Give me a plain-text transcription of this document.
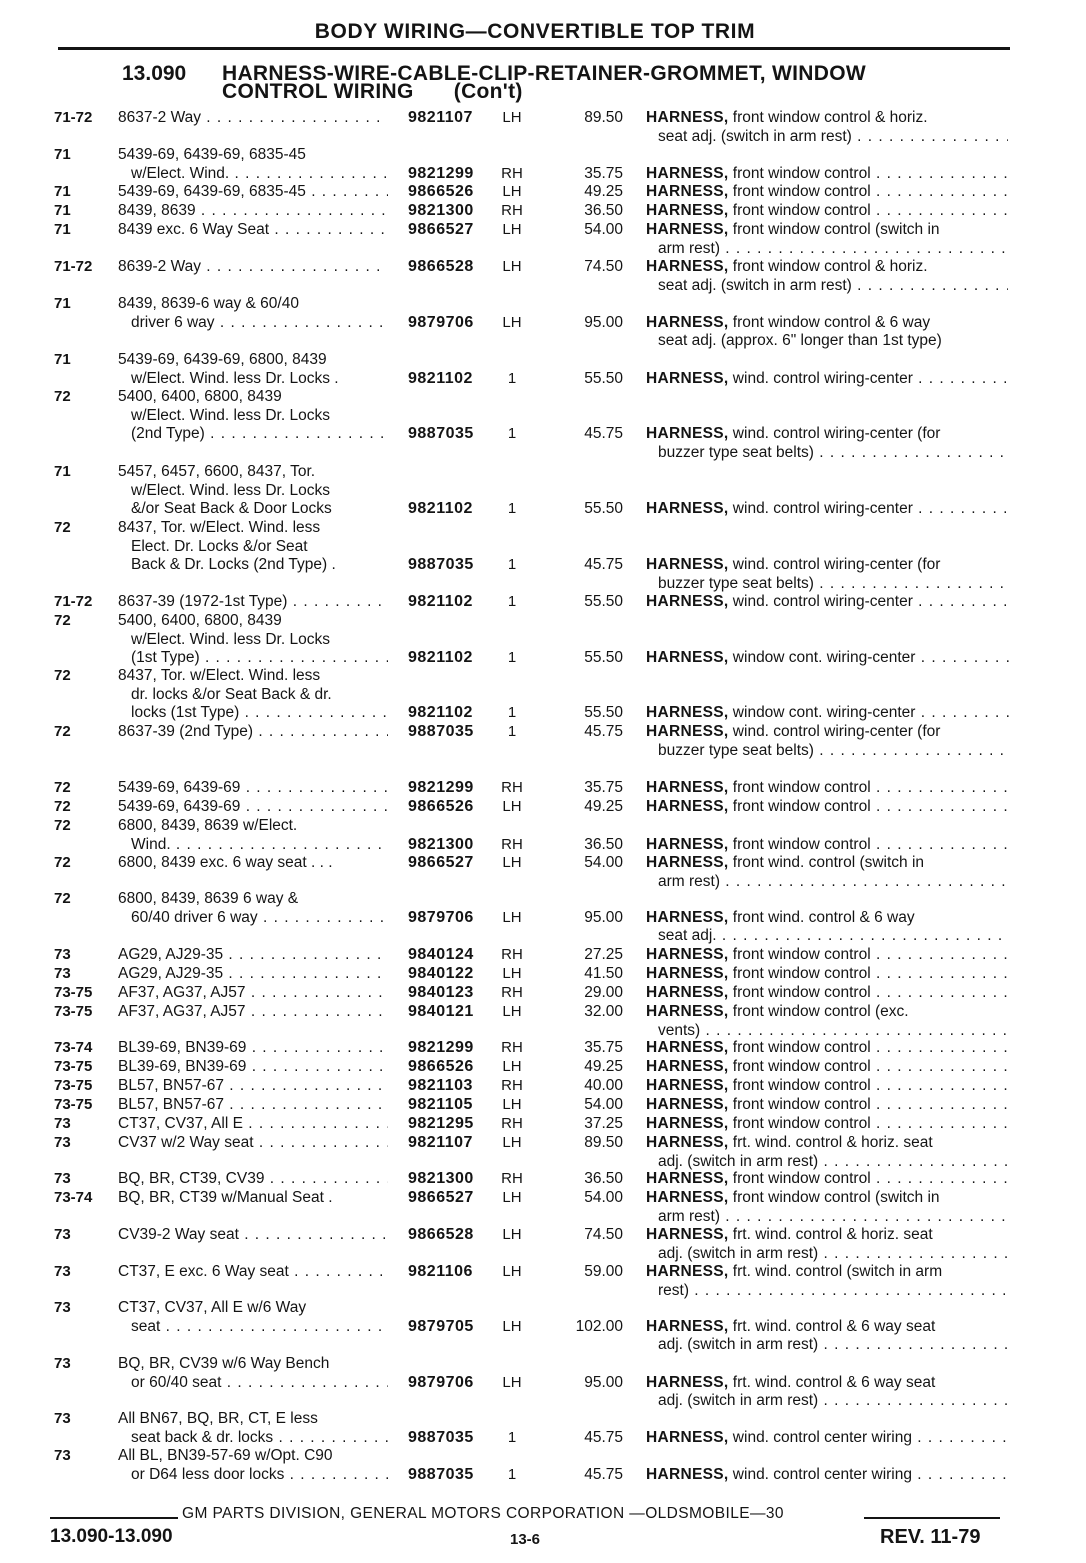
BODY WIRING—CONVERTIBLE TOP TRIM
13.090 HARNESS-WIRE-CABLE-CLIP-RETAINER-GROMMET, WINDOW
CONTROL WIRING (Con't)
71-72 8637-2 Way . . .	9821107	LH	89.50 HARNESS, front window control & horiz.
seat adj. (switch in arm rest) . . .
71	5439-69, 6439-69, 6835-45
w/Elect. Wind. . . .	9821299 RH	35.75 HARNESS, front window control . . .
71	5439-69, 6439-69, 6835-45 . . .	9866526	LH	49.25 HARNESS, front window control . . .
71	8439, 8639 . . .	9821300 RH	36.50 HARNESS, front window control . . .
71	8439 exc. 6 Way Seat . . .	9866527	LH	54.00 HARNESS, front window control (switch in
arm rest) . . .
71-72 8639-2 Way . . .	9866528	LH	74.50 HARNESS, front window control & horiz.
seat adj. (switch in arm rest) . . .
71	8439, 8639-6 way & 60/40
driver 6 way . . .	9879706	LH	95.00 HARNESS, front window control & 6 way
seat adj. (approx. 6" longer than 1st type)
71	5439-69, 6439-69, 6800, 8439
w/Elect. Wind. less Dr. Locks .	9821102	1	55.50 HARNESS, wind. control wiring-center . . .
72	5400, 6400, 6800, 8439
w/Elect. Wind. less Dr. Locks
(2nd Type) . . .	9887035	1	45.75 HARNESS, wind. control wiring-center (for
buzzer type seat belts) . . .
71	5457, 6457, 6600, 8437, Tor.
w/Elect. Wind. less Dr. Locks
&/or Seat Back & Door Locks	9821102	1	55.50 HARNESS, wind. control wiring-center . . .
72	8437, Tor. w/Elect. Wind. less
Elect. Dr. Locks &/or Seat
Back & Dr. Locks (2nd Type) .	9887035	1	45.75 HARNESS, wind. control wiring-center (for
buzzer type seat belts) . . .
71-72 8637-39 (1972-1st Type) . . .	9821102	1	55.50 HARNESS, wind. control wiring-center . . .
72	5400, 6400, 6800, 8439
w/Elect. Wind. less Dr. Locks
(1st Type) . . .	9821102	1	55.50 HARNESS, window cont. wiring-center . . .
72	8437, Tor. w/Elect. Wind. less
dr. locks &/or Seat Back & dr.
locks (1st Type) . . .	9821102	1	55.50 HARNESS, window cont. wiring-center . . .
72	8637-39 (2nd Type) . . .	9887035	1	45.75 HARNESS, wind. control wiring-center (for
buzzer type seat belts) . . .
72	5439-69, 6439-69 . . .	9821299 RH	35.75 HARNESS, front window control . . .
72	5439-69, 6439-69 . . .	9866526	LH	49.25 HARNESS, front window control . . .
72	6800, 8439, 8639 w/Elect.
Wind. . . .	9821300 RH	36.50 HARNESS, front window control . . .
72	6800, 8439 exc. 6 way seat . . .	9866527	LH	54.00 HARNESS, front wind. control (switch in
arm rest) . . .
72	6800, 8439, 8639 6 way &
60/40 driver 6 way . . .	9879706	LH	95.00 HARNESS, front wind. control & 6 way
seat adj. . . .
73	AG29, AJ29-35 . . .	9840124 RH	27.25 HARNESS, front window control . . .
73	AG29, AJ29-35 . . .	9840122	LH	41.50 HARNESS, front window control . . .
73-75 AF37, AG37, AJ57 . . .	9840123 RH	29.00 HARNESS, front window control . . .
73-75 AF37, AG37, AJ57 . . .	9840121	LH	32.00 HARNESS, front window control (exc.
vents) . . .
73-74 BL39-69, BN39-69 . . .	9821299 RH	35.75 HARNESS, front window control . . .
73-75 BL39-69, BN39-69 . . .	9866526	LH	49.25 HARNESS, front window control . . .
73-75 BL57, BN57-67 . . .	9821103 RH	40.00 HARNESS, front window control . . .
73-75 BL57, BN57-67 . . .	9821105	LH	54.00 HARNESS, front window control . . .
73	CT37, CV37, All E . . .	9821295 RH	37.25 HARNESS, front window control . . .
73	CV37 w/2 Way seat . . .	9821107	LH	89.50 HARNESS, frt. wind. control & horiz. seat
adj. (switch in arm rest) . . .
73	BQ, BR, CT39, CV39 . . .	9821300 RH	36.50 HARNESS, front window control . . .
73-74 BQ, BR, CT39 w/Manual Seat .	9866527	LH	54.00 HARNESS, front window control (switch in
arm rest) . . .
73	CV39-2 Way seat . . .	9866528	LH	74.50 HARNESS, frt. wind. control & horiz. seat
adj. (switch in arm rest) . . .
73	CT37, E exc. 6 Way seat . . .	9821106	LH	59.00 HARNESS, frt. wind. control (switch in arm
rest) . . .
73	CT37, CV37, All E w/6 Way
seat . . .	9879705	LH	102.00 HARNESS, frt. wind. control & 6 way seat
adj. (switch in arm rest) . . .
73	BQ, BR, CV39 w/6 Way Bench
or 60/40 seat . . .	9879706	LH	95.00 HARNESS, frt. wind. control & 6 way seat
adj. (switch in arm rest) . . .
73	All BN67, BQ, BR, CT, E less
seat back & dr. locks . . .	9887035	1	45.75 HARNESS, wind. control center wiring . . .
73	All BL, BN39-57-69 w/Opt. C90
or D64 less door locks . . .	9887035	1	45.75 HARNESS, wind. control center wiring . . .
GM PARTS DIVISION, GENERAL MOTORS CORPORATION —OLDSMOBILE—30
13.090-13.090	13-6	REV. 11-79
